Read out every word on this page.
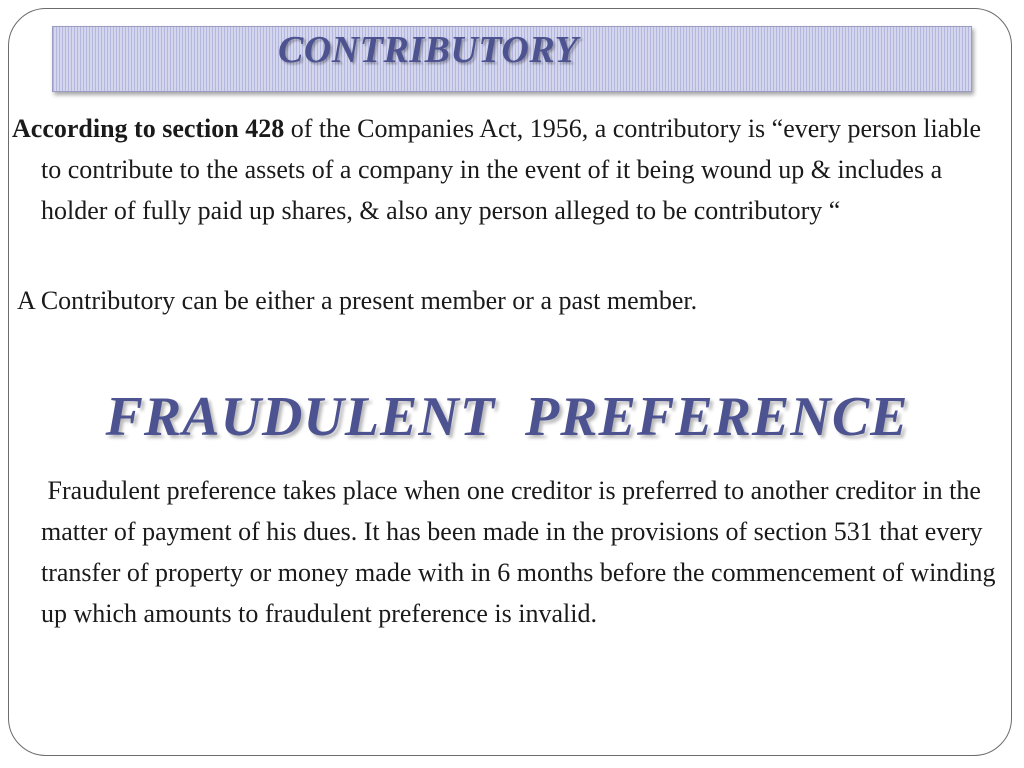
CONTRIBUTORY

According to section 428 of the Companies Act, 1956, a contributory is “every person liable to contribute to the assets of a company in the event of it being wound up & includes a holder of fully paid up shares, & also any person alleged to be contributory “

A Contributory can be either a present member or a past member.

FRAUDULENT  PREFERENCE

Fraudulent preference takes place when one creditor is preferred to another creditor in the matter of payment of his dues. It has been made in the provisions of section 531 that every transfer of property or money made with in 6 months before the commencement of winding up which amounts to fraudulent preference is invalid.
